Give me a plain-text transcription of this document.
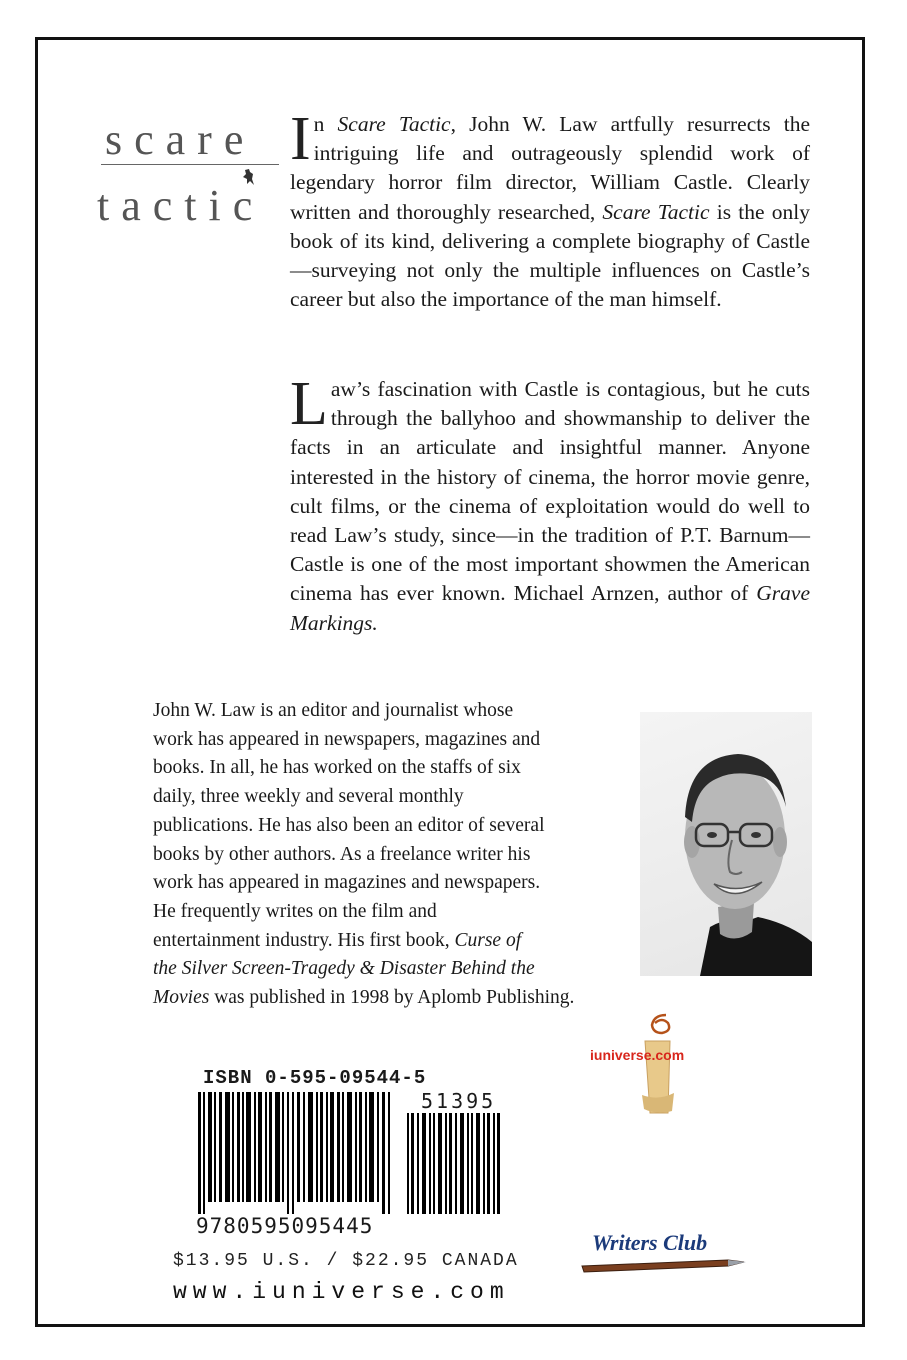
scare
tactic
In Scare Tactic, John W. Law artfully resurrects the intriguing life and outrageously splendid work of legendary horror film director, William Castle. Clearly written and thoroughly researched, Scare Tactic is the only book of its kind, delivering a complete biography of Castle—surveying not only the multiple influences on Castle’s career but also the importance of the man himself.
Law’s fascination with Castle is contagious, but he cuts through the ballyhoo and showmanship to deliver the facts in an articulate and insightful manner. Anyone interested in the history of cinema, the horror movie genre, cult films, or the cinema of exploitation would do well to read Law’s study, since—in the tradition of P.T. Barnum— Castle is one of the most important showmen the American cinema has ever known. Michael Arnzen, author of Grave Markings.
John W. Law is an editor and journalist whose
work has appeared in newspapers, magazines and
books. In all, he has worked on the staffs of six
daily, three weekly and several monthly
publications. He has also been an editor of several
books by other authors. As a freelance writer his
work has appeared in magazines and newspapers.
He frequently writes on the film and
entertainment industry. His first book, Curse of
the Silver Screen-Tragedy & Disaster Behind the
Movies was published in 1998 by Aplomb Publishing.
ISBN 0-595-09544-5
51395
9780595095445
$13.95 U.S. / $22.95 CANADA
www.iuniverse.com
iuniverse.com
Writers Club
